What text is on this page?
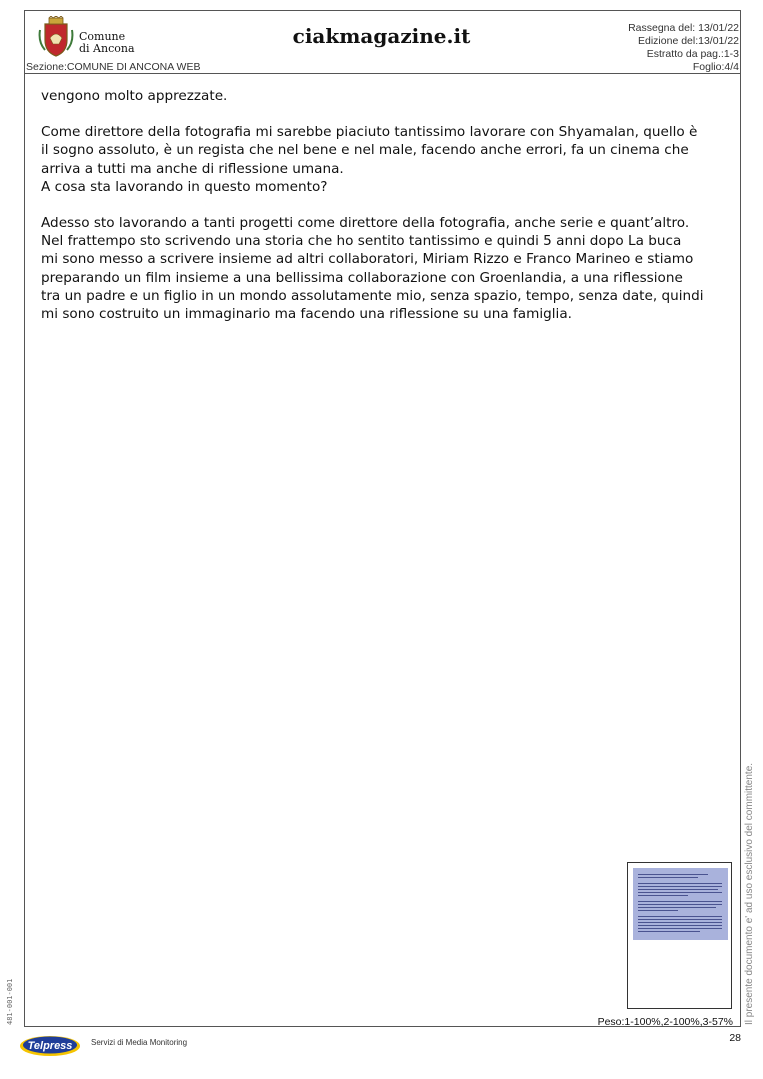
Comune
di Ancona
ciakmagazine.it	Rassegna del: 13/01/22
Edizione del:13/01/22
Estratto da pag.:1-3
Foglio:4/4
Sezione:COMUNE DI ANCONA WEB

vengono molto apprezzate.

Come direttore della fotografia mi sarebbe piaciuto tantissimo lavorare con Shyamalan, quello è
il sogno assoluto, è un regista che nel bene e nel male, facendo anche errori, fa un cinema che
arriva a tutti ma anche di riflessione umana.
A cosa sta lavorando in questo momento?

Adesso sto lavorando a tanti progetti come direttore della fotografia, anche serie e quant’altro.
Nel frattempo sto scrivendo una storia che ho sentito tantissimo e quindi 5 anni dopo La buca
mi sono messo a scrivere insieme ad altri collaboratori, Miriam Rizzo e Franco Marineo e stiamo
preparando un film insieme a una bellissima collaborazione con Groenlandia, a una riflessione
tra un padre e un figlio in un mondo assolutamente mio, senza spazio, tempo, senza date, quindi
mi sono costruito un immaginario ma facendo una riflessione su una famiglia.

Peso:1-100%,2-100%,3-57% Il presente documento e' ad uso esclusivo del committente.
481-001-001
28
Telpress Servizi di Media Monitoring
